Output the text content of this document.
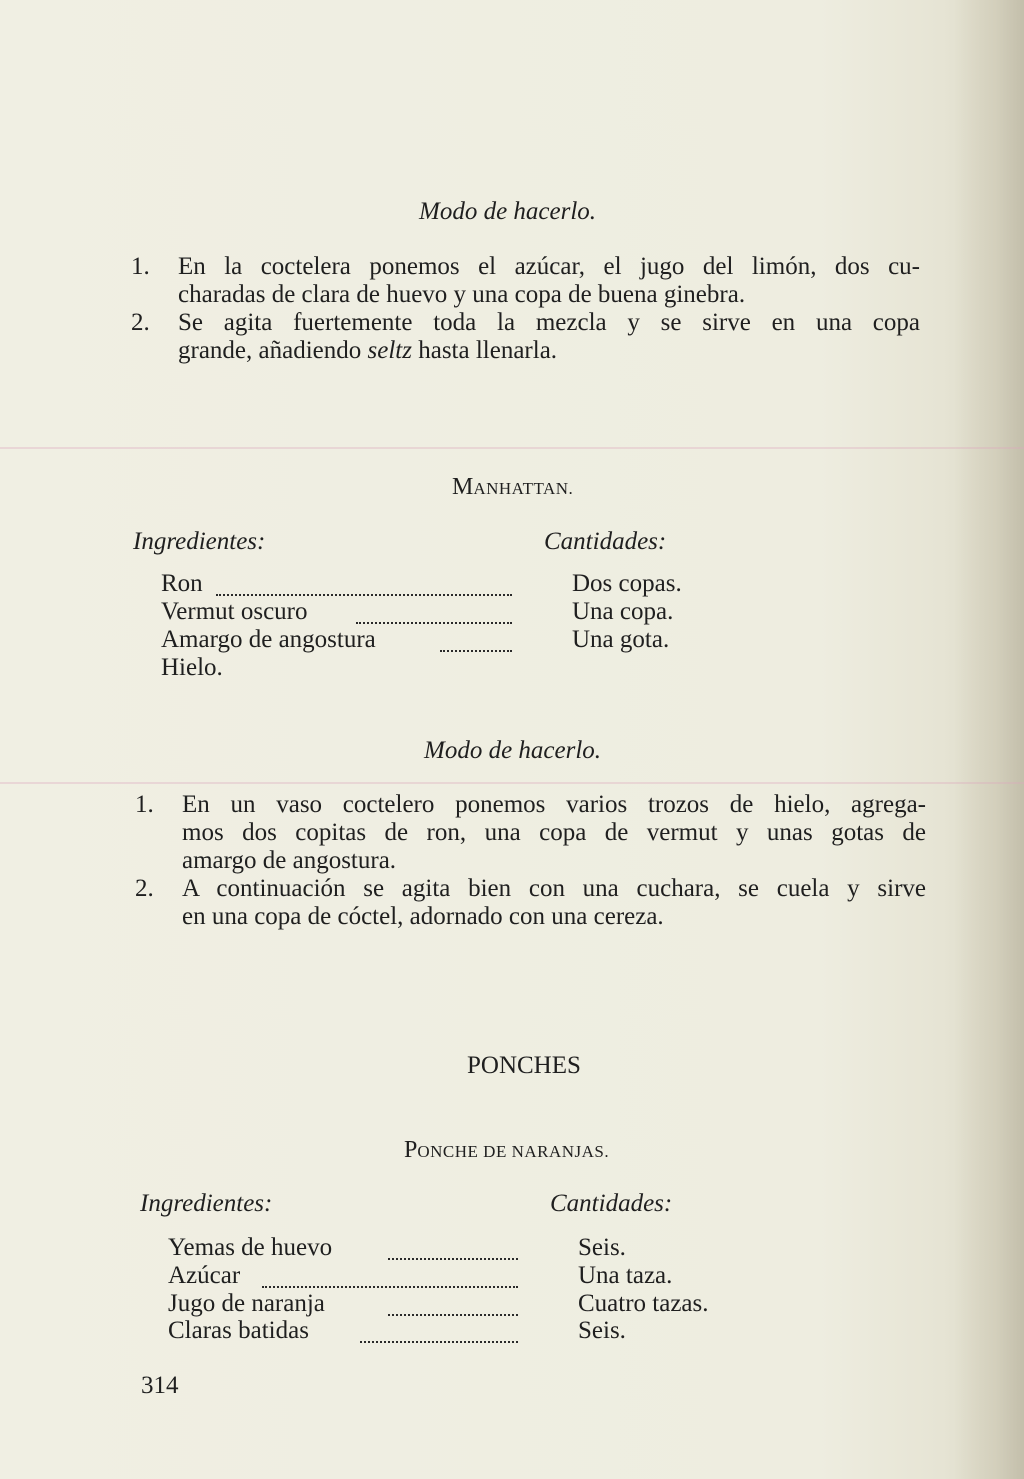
Modo de hacerlo.
1. En la coctelera ponemos el azúcar, el jugo del limón, dos cu-
charadas de clara de huevo y una copa de buena ginebra.
2. Se agita fuertemente toda la mezcla y se sirve en una copa
grande, añadiendo seltz hasta llenarla.
MANHATTAN.
Ingredientes:	Cantidades:
Ron	Dos copas.
Vermut oscuro	Una copa.
Amargo de angostura	Una gota.
Hielo.
Modo de hacerlo.
1. En un vaso coctelero ponemos varios trozos de hielo, agrega-
mos dos copitas de ron, una copa de vermut y unas gotas de
amargo de angostura.
2. A continuación se agita bien con una cuchara, se cuela y sirve
en una copa de cóctel, adornado con una cereza.
PONCHES
PONCHE DE NARANJAS.
Ingredientes:	Cantidades:
Yemas de huevo	Seis.
Azúcar	Una taza.
Jugo de naranja	Cuatro tazas.
Claras batidas	Seis.
314
